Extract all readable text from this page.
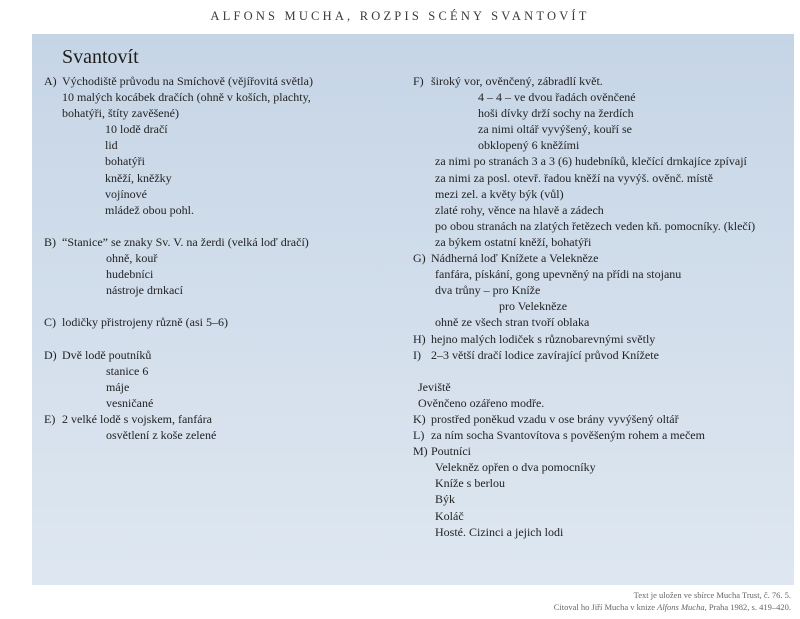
ALFONS MUCHA, ROZPIS SCÉNY SVANTOVÍT
Svantovít
A) Východiště průvodu na Smíchově (vějířovitá světla)
10 malých kocábek dračích (ohně v koších, plachty,
bohatýři, štíty zavěšené)
10 lodě dračí
lid
bohatýři
kněží, kněžky
vojínové
mládež obou pohl.
B) “Stanice” se znaky Sv. V. na žerdi (velká loď dračí)
ohně, kouř
hudebníci
nástroje drnkací
C) lodičky přistrojeny různě (asi 5–6)
D) Dvě lodě poutníků
stanice 6
máje
vesničané
E) 2 velké lodě s vojskem, fanfára
osvětlení z koše zelené
F) široký vor, ověnčený, zábradlí květ.
4 – 4 – ve dvou řadách ověnčené
hoši dívky drží sochy na žerdích
za nimi oltář vyvýšený, kouří se
obklopený 6 kněžími
za nimi po stranách 3 a 3 (6) hudebníků, klečící drnkajíce zpívají
za nimi za posl. otevř. řadou kněží na vyvýš. ověnč. místě
mezi zel. a květy býk (vůl)
zlaté rohy, věnce na hlavě a zádech
po obou stranách na zlatých řetězech veden kň. pomocníky. (klečí)
za býkem ostatní kněží, bohatýři
G) Nádherná loď Knížete a Velekněze
fanfára, pískání, gong upevněný na přídi na stojanu
dva trůny – pro Kníže
pro Velekněze
ohně ze všech stran tvoří oblaka
H) hejno malých lodiček s různobarevnými světly
I) 2–3 větší dračí lodice zavírající průvod Knížete
Jeviště
Ověnčeno ozářeno modře.
K) prostřed poněkud vzadu v ose brány vyvýšený oltář
L) za ním socha Svantovítova s pověšeným rohem a mečem
M) Poutníci
Velekněz opřen o dva pomocníky
Kníže s berlou
Býk
Koláč
Hosté. Cizinci a jejich lodi
Text je uložen ve sbírce Mucha Trust, č. 76. 5.
Citoval ho Jiří Mucha v knize Alfons Mucha, Praha 1982, s. 419–420.
